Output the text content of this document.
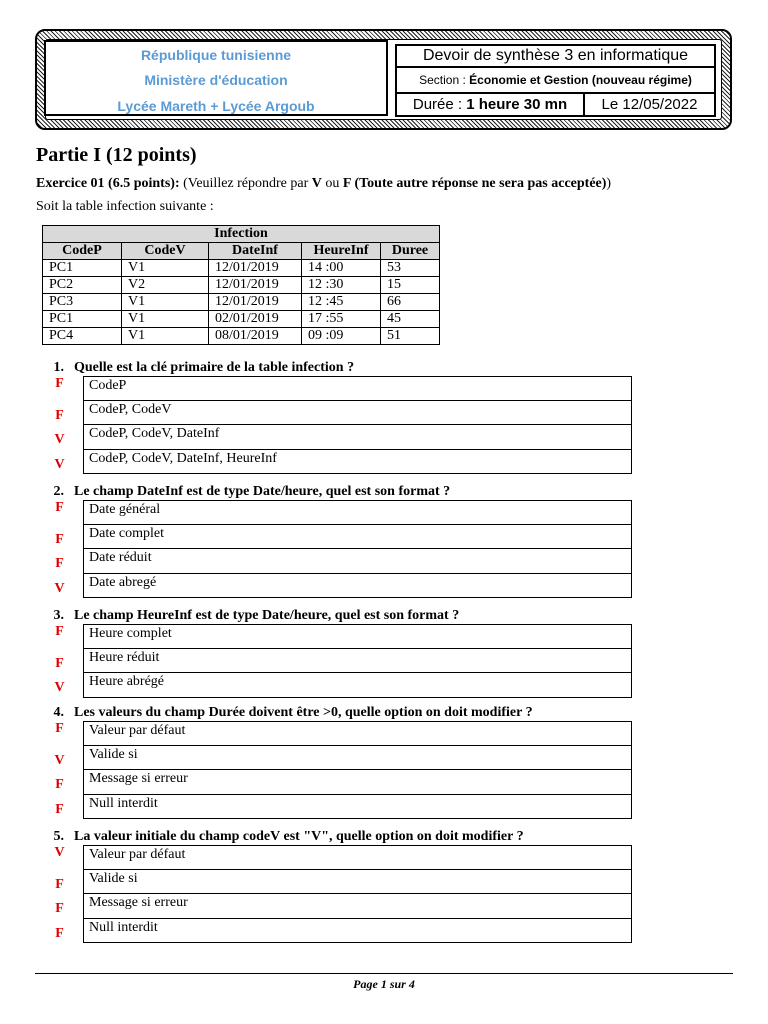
République tunisienne
Ministère d'éducation
Lycée Mareth + Lycée Argoub
Devoir de synthèse 3 en informatique
Section : Économie et Gestion (nouveau régime)
Durée : 1 heure 30 mn	Le 12/05/2022
Partie I (12 points)
Exercice 01 (6.5 points): (Veuillez répondre par V ou F (Toute autre réponse ne sera pas acceptée))
Soit la table infection suivante :
Infection				
CodeP	CodeV	DateInf	HeureInf	Duree
PC1	V1	12/01/2019	14 :00	53
PC2	V2	12/01/2019	12 :30	15
PC3	V1	12/01/2019	12 :45	66
PC1	V1	02/01/2019	17 :55	45
PC4	V1	08/01/2019	09 :09	51
1. Quelle est la clé primaire de la table infection ?
F	CodeP
F	CodeP, CodeV
V	CodeP, CodeV, DateInf
V	CodeP, CodeV, DateInf, HeureInf
2. Le champ DateInf est de type Date/heure, quel est son format ?
F	Date général
F	Date complet
F	Date réduit
V	Date abregé
3. Le champ HeureInf est de type Date/heure, quel est son format ?
F	Heure complet
F	Heure réduit
V	Heure abrégé
4. Les valeurs du champ Durée doivent être >0, quelle option on doit modifier ?
F	Valeur par défaut
V	Valide si
F	Message si erreur
F	Null interdit
5. La valeur initiale du champ codeV est "V", quelle option on doit modifier ?
V	Valeur par défaut
F	Valide si
F	Message si erreur
F	Null interdit
Page 1 sur 4
